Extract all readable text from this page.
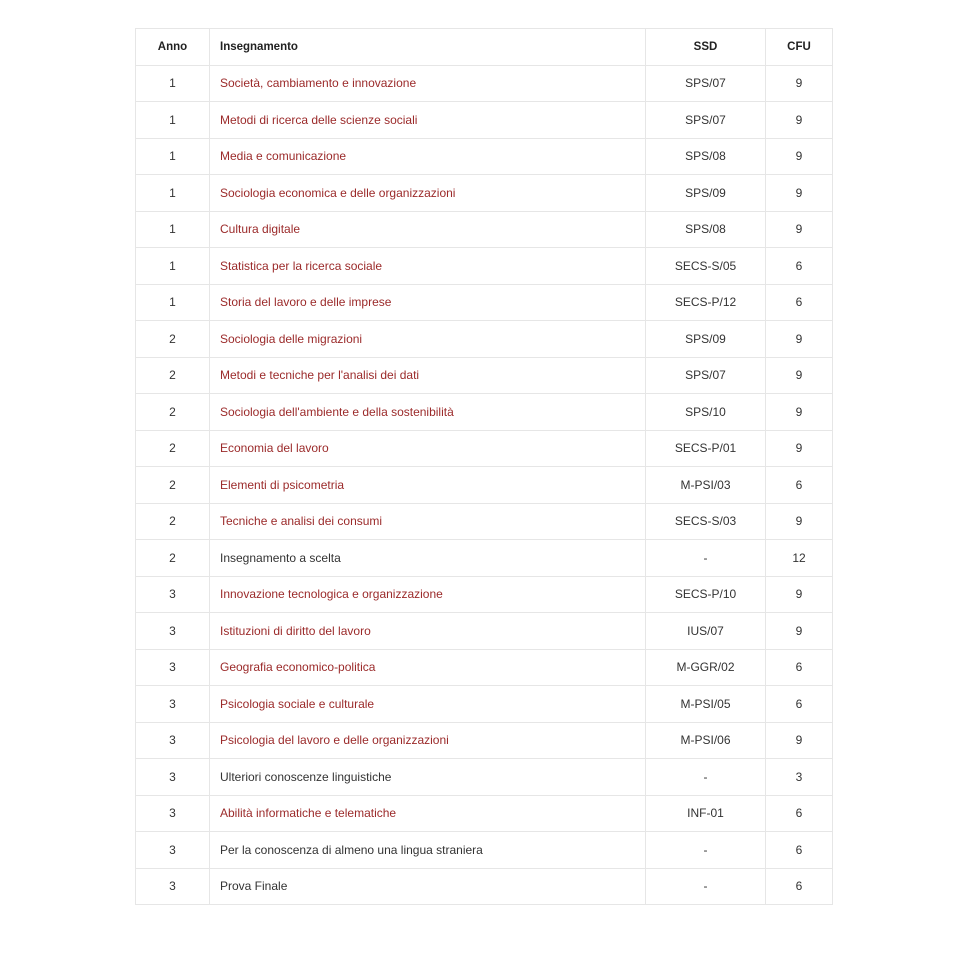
Anno	Insegnamento	SSD	CFU
1	Società, cambiamento e innovazione	SPS/07	9
1	Metodi di ricerca delle scienze sociali	SPS/07	9
1	Media e comunicazione	SPS/08	9
1	Sociologia economica e delle organizzazioni	SPS/09	9
1	Cultura digitale	SPS/08	9
1	Statistica per la ricerca sociale	SECS-S/05	6
1	Storia del lavoro e delle imprese	SECS-P/12	6
2	Sociologia delle migrazioni	SPS/09	9
2	Metodi e tecniche per l'analisi dei dati	SPS/07	9
2	Sociologia dell'ambiente e della sostenibilità	SPS/10	9
2	Economia del lavoro	SECS-P/01	9
2	Elementi di psicometria	M-PSI/03	6
2	Tecniche e analisi dei consumi	SECS-S/03	9
2	Insegnamento a scelta	-	12
3	Innovazione tecnologica e organizzazione	SECS-P/10	9
3	Istituzioni di diritto del lavoro	IUS/07	9
3	Geografia economico-politica	M-GGR/02	6
3	Psicologia sociale e culturale	M-PSI/05	6
3	Psicologia del lavoro e delle organizzazioni	M-PSI/06	9
3	Ulteriori conoscenze linguistiche	-	3
3	Abilità informatiche e telematiche	INF-01	6
3	Per la conoscenza di almeno una lingua straniera	-	6
3	Prova Finale	-	6
